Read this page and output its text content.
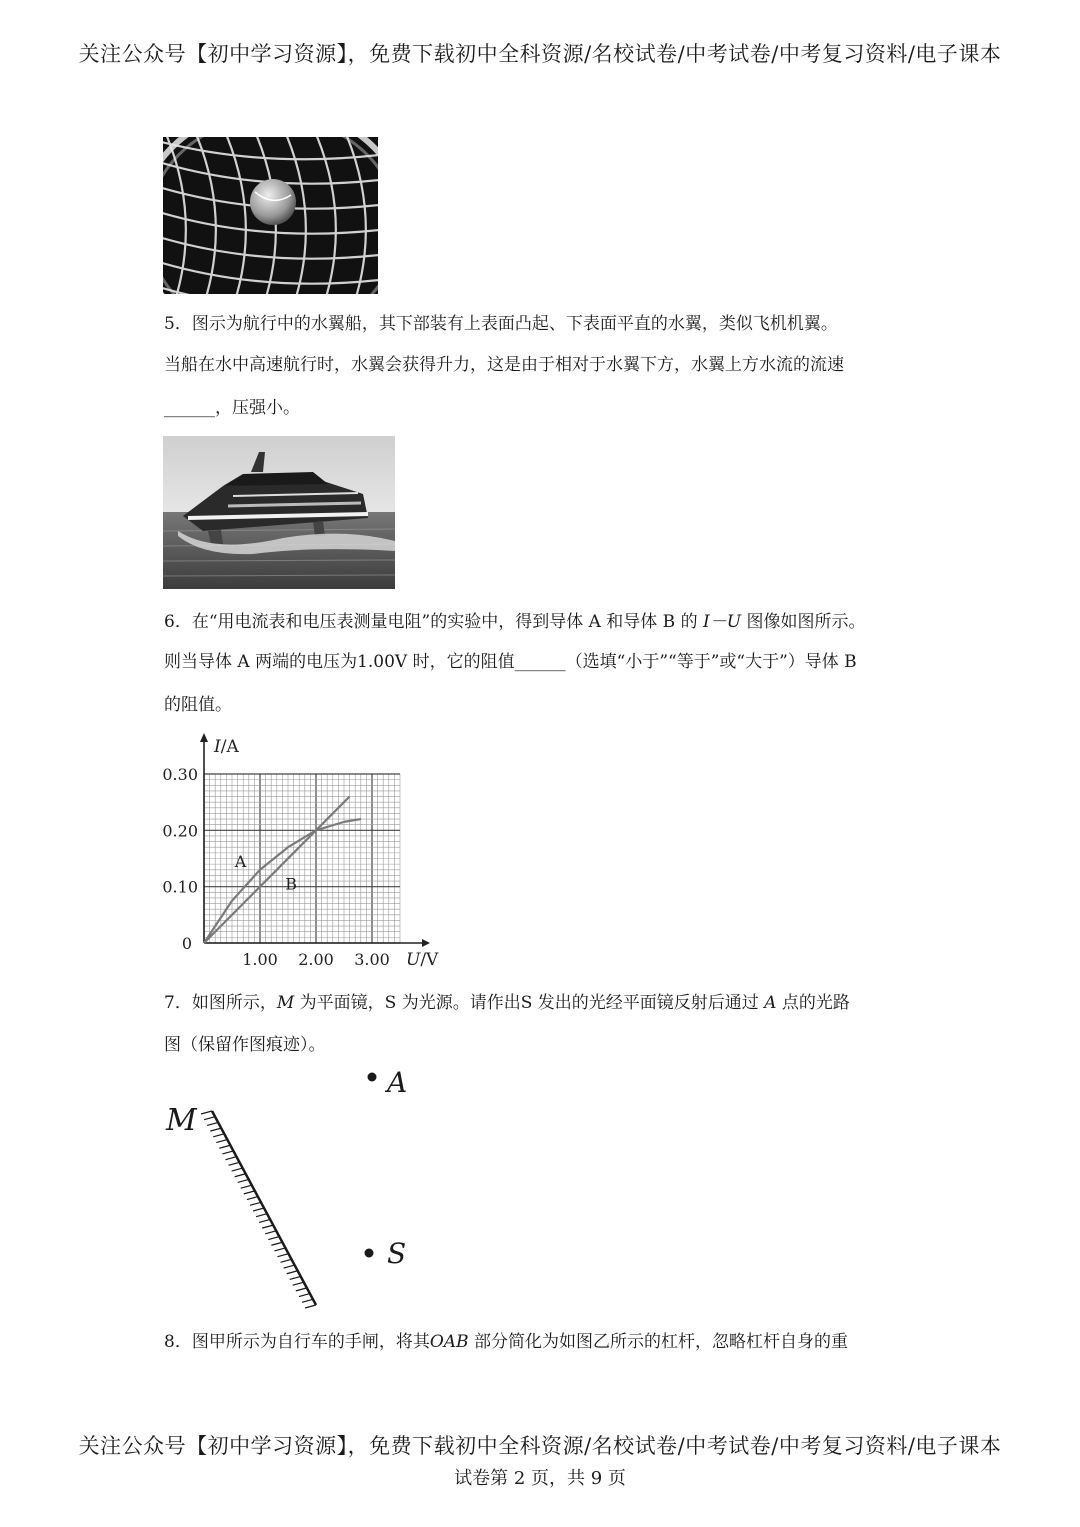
关注公众号【初中学习资源】，免费下载初中全科资源/名校试卷/中考试卷/中考复习资料/电子课本
5．图示为航行中的水翼船，其下部装有上表面凸起、下表面平直的水翼，类似飞机机翼。
当船在水中高速航行时，水翼会获得升力，这是由于相对于水翼下方，水翼上方水流的流速
______，压强小。
6．在“用电流表和电压表测量电阻”的实验中，得到导体 A 和导体 B 的 I－U 图像如图所示。
则当导体 A 两端的电压为1.00V 时，它的阻值______（选填“小于”“等于”或“大于”）导体 B
的阻值。
A
B
1.00 2.00 3.00
0.10
0.20
0.30
0
I/A
U/V
7．如图所示，M 为平面镜，S 为光源。请作出S 发出的光经平面镜反射后通过 A 点的光路
图（保留作图痕迹）。
M
A
S
8．图甲所示为自行车的手闸，将其OAB 部分简化为如图乙所示的杠杆，忽略杠杆自身的重
关注公众号【初中学习资源】，免费下载初中全科资源/名校试卷/中考试卷/中考复习资料/电子课本
试卷第 2 页，共 9 页
